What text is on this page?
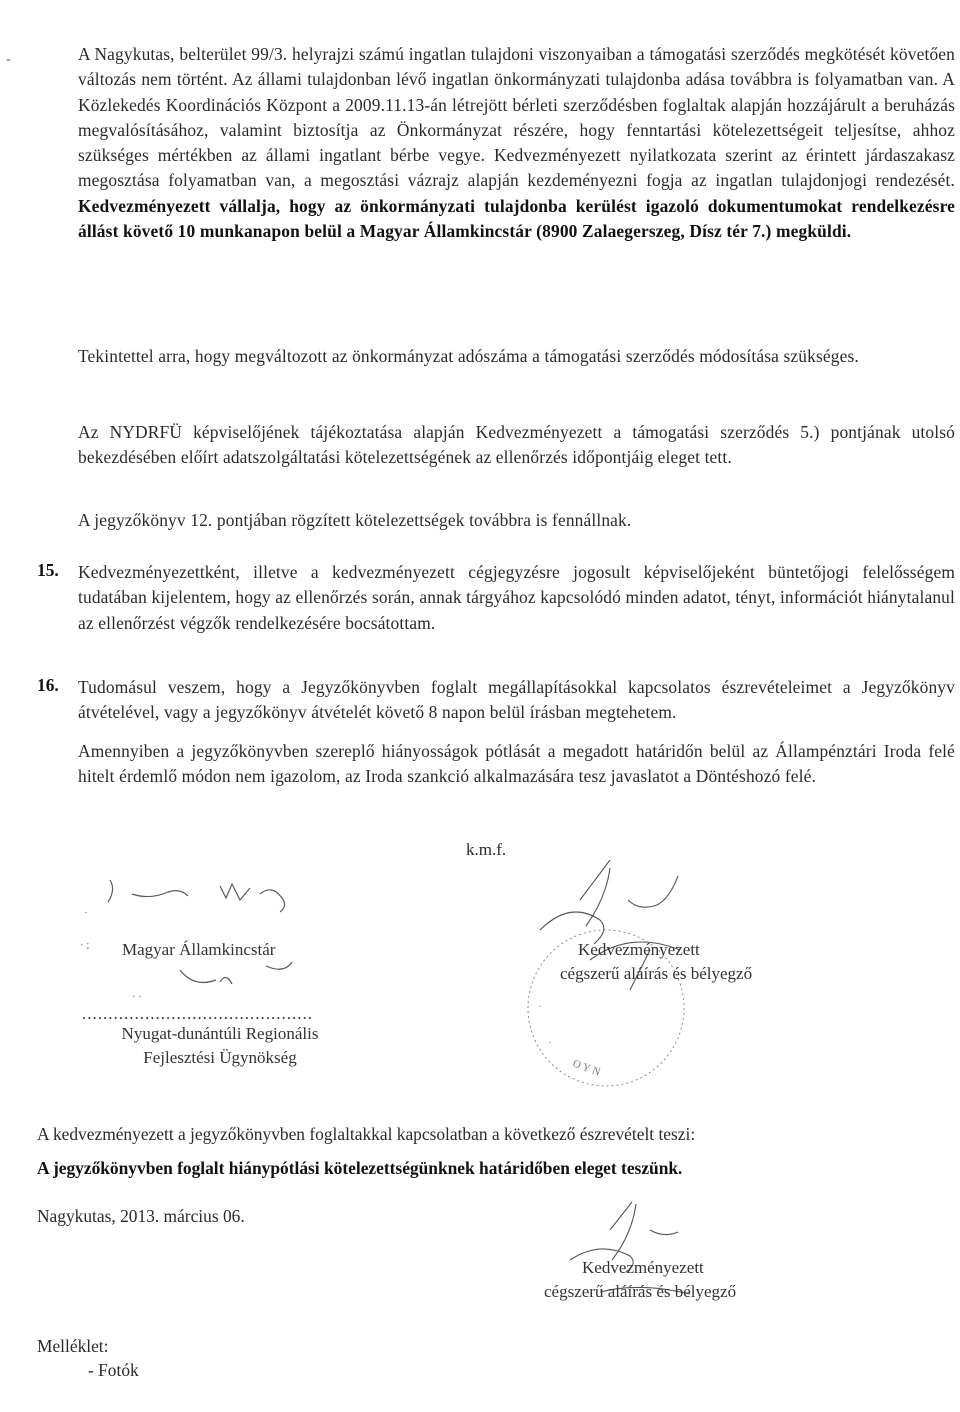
-	A Nagykutas, belterület 99/3. helyrajzi számú ingatlan tulajdoni viszonyaiban a támogatási szerződés megkötését követően változás nem történt. Az állami tulajdonban lévő ingatlan önkormányzati tulajdonba adása továbbra is folyamatban van. A Közlekedés Koordinációs Központ a 2009.11.13-án létrejött bérleti szerződésben foglaltak alapján hozzájárult a beruházás megvalósításához, valamint biztosítja az Önkormányzat részére, hogy fenntartási kötelezettségeit teljesítse, ahhoz szükséges mértékben az állami ingatlant bérbe vegye. Kedvezményezett nyilatkozata szerint az érintett járdaszakasz megosztása folyamatban van, a megosztási vázrajz alapján kezdeményezni fogja az ingatlan tulajdonjogi rendezését. Kedvezményezett vállalja, hogy az önkormányzati tulajdonba kerülést igazoló dokumentumokat rendelkezésre állást követő 10 munkanapon belül a Magyar Államkincstár (8900 Zalaegerszeg, Dísz tér 7.) megküldi.
Tekintettel arra, hogy megváltozott az önkormányzat adószáma a támogatási szerződés módosítása szükséges.
Az NYDRFÜ képviselőjének tájékoztatása alapján Kedvezményezett a támogatási szerződés 5.) pontjának utolsó bekezdésében előírt adatszolgáltatási kötelezettségének az ellenőrzés időpontjáig eleget tett.
A jegyzőkönyv 12. pontjában rögzített kötelezettségek továbbra is fennállnak.
15. Kedvezményezettként, illetve a kedvezményezett cégjegyzésre jogosult képviselőjeként büntetőjogi felelősségem tudatában kijelentem, hogy az ellenőrzés során, annak tárgyához kapcsolódó minden adatot, tényt, információt hiánytalanul az ellenőrzést végzők rendelkezésére bocsátottam.
16. Tudomásul veszem, hogy a Jegyzőkönyvben foglalt megállapításokkal kapcsolatos észrevételeimet a Jegyzőkönyv átvételével, vagy a jegyzőkönyv átvételét követő 8 napon belül írásban megtehetem.
Amennyiben a jegyzőkönyvben szereplő hiányosságok pótlását a megadott határidőn belül az Állampénztári Iroda felé hitelt érdemlő módon nem igazolom, az Iroda szankció alkalmazására tesz javaslatot a Döntéshozó felé.
k.m.f.
·
· ;
· ·
Magyar Államkincstár
............................................
Nyugat-dunántúli Regionális
Fejlesztési Ügynökség
·
·
O Y N
Kedvezményezett
cégszerű aláírás és bélyegző
A kedvezményezett a jegyzőkönyvben foglaltakkal kapcsolatban a következő észrevételt teszi:
A jegyzőkönyvben foglalt hiánypótlási kötelezettségünknek határidőben eleget teszünk.
Nagykutas, 2013. március 06.
Kedvezményezett
cégszerű aláírás és bélyegző
Melléklet:
- Fotók
